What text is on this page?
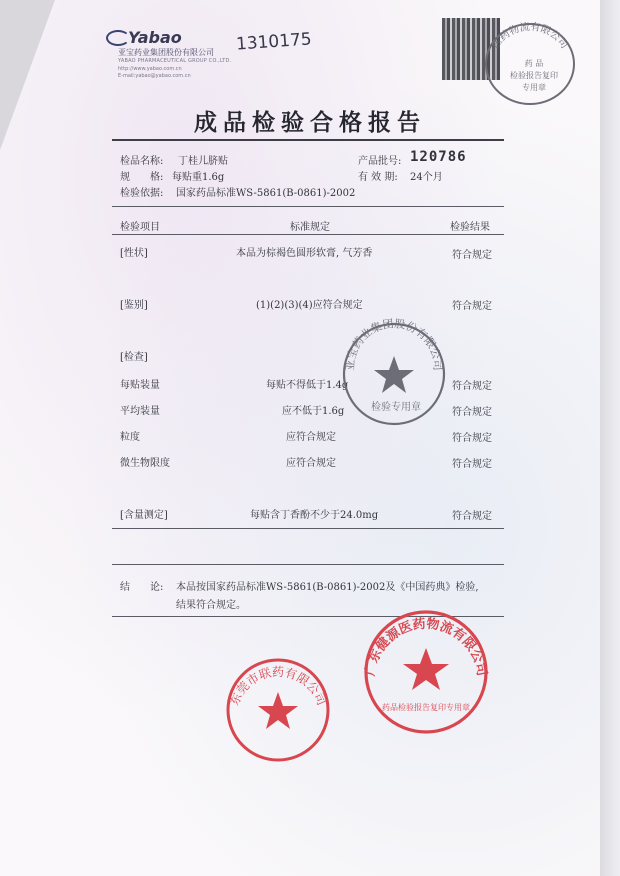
Yabao
亚宝药业集团股份有限公司
YABAO PHARMACEUTICAL GROUP CO.,LTD.
http://www.yabao.com.cn
E-mail:yabao@yabao.com.cn
1310175
成品检验合格报告
检品名称: 丁桂儿脐贴	产品批号: 120786
规　　格: 每贴重1.6g	有 效 期: 24个月
检验依据: 国家药品标准WS-5861(B-0861)-2002
检验项目	标准规定	检验结果
[性状]	本品为棕褐色圆形软膏, 气芳香	符合规定
[鉴别]	(1)(2)(3)(4)应符合规定	符合规定
[检查]
每贴装量	每贴不得低于1.4g	符合规定
平均装量	应不低于1.6g	符合规定
粒度	应符合规定	符合规定
微生物限度	应符合规定	符合规定
[含量测定]	每贴含丁香酚不少于24.0mg	符合规定
结　　论: 本品按国家药品标准WS-5861(B-0861)-2002及《中国药典》检验,
结果符合规定。
医药物流有限公司
药 品
检验报告复印
专用章
亚宝药业集团股份有限公司
检验专用章
东莞市联药有限公司
广东健源医药物流有限公司
药品检验报告复印专用章
